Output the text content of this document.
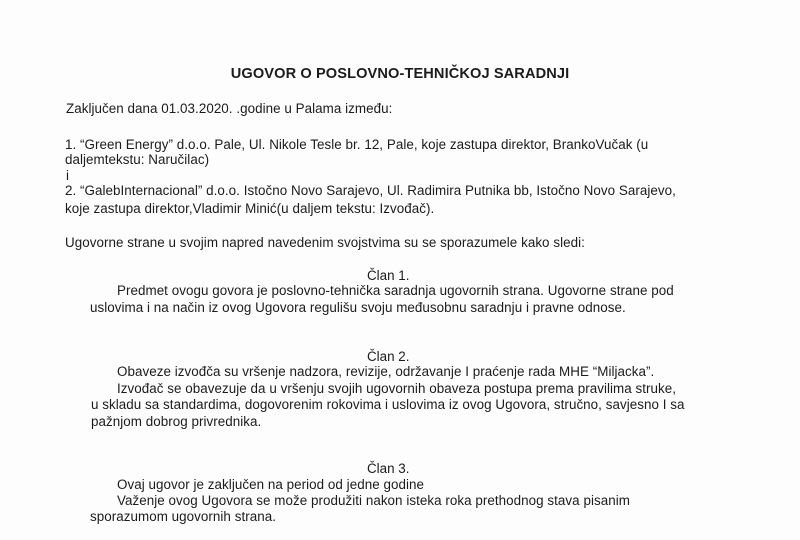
UGOVOR O POSLOVNO-TEHNIČKOJ SARADNJI
Zaključen dana 01.03.2020. .godine u Palama između:
1. “Green Energy” d.o.o. Pale, Ul. Nikole Tesle br. 12, Pale, koje zastupa direktor, BrankoVučak (u
daljemtekstu: Naručilac)
i
2. “GalebInternacional” d.o.o. Istočno Novo Sarajevo, Ul. Radimira Putnika bb, Istočno Novo Sarajevo,
koje zastupa direktor,Vladimir Minić(u daljem tekstu: Izvođač).
Ugovorne strane u svojim napred navedenim svojstvima su se sporazumele kako sledi:
Član 1.
Predmet ovogu govora je poslovno-tehnička saradnja ugovornih strana. Ugovorne strane pod
uslovima i na način iz ovog Ugovora regulišu svoju međusobnu saradnju i pravne odnose.
Član 2.
Obaveze izvođča su vršenje nadzora, revizije, održavanje I praćenje rada MHE “Miljacka”.
Izvođač se obavezuje da u vršenju svojih ugovornih obaveza postupa prema pravilima struke,
u skladu sa standardima, dogovorenim rokovima i uslovima iz ovog Ugovora, stručno, savjesno I sa
pažnjom dobrog privrednika.
Član 3.
Ovaj ugovor je zaključen na period od jedne godine
Važenje ovog Ugovora se može produžiti nakon isteka roka prethodnog stava pisanim
sporazumom ugovornih strana.
